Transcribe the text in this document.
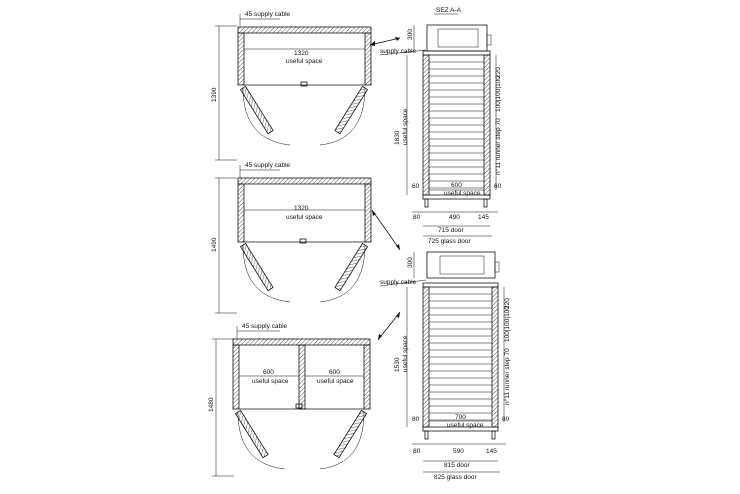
45 supply cable
1390
1320
useful space
45 supply cable
1490
1320
useful space
45 supply cable
1480
600
useful space
600
useful space
SEZ A-A
supply cable
300
1830 useful space
220
100|100|100
n°11 runner step 70
60	60
600
useful space
80	490	145
715 door
725 glass door
supply cable
300
1530 useful space
220
100|100|100
n°11 runner step 70
80	80
700
useful space
80	590	145
815 door
825 glass door
